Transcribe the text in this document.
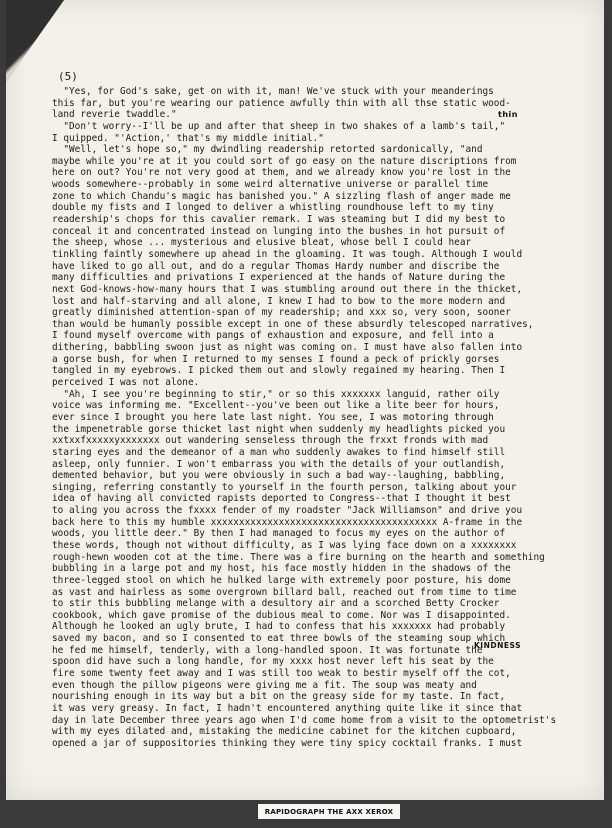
(5)
"Yes, for God's sake, get on with it, man! We've stuck with your meanderings
this far, but you're wearing our patience awfully thin with all thse static wood-
land reverie twaddle."
"Don't worry--I'll be up and after that sheep in two shakes of a lamb's tail,"
I quipped. "'Action,' that's my middle initial."
"Well, let's hope so," my dwindling readership retorted sardonically, "and
maybe while you're at it you could sort of go easy on the nature discriptions from
here on out? You're not very good at them, and we already know you're lost in the
woods somewhere--probably in some weird alternative universe or parallel time
zone to which Chandu's magic has banished you." A sizzling flash of anger made me
double my fists and I longed to deliver a whistling roundhouse left to my tiny
readership's chops for this cavalier remark. I was steaming but I did my best to
conceal it and concentrated instead on lunging into the bushes in hot pursuit of
the sheep, whose ... mysterious and elusive bleat, whose bell I could hear
tinkling faintly somewhere up ahead in the gloaming. It was tough. Although I would
have liked to go all out, and do a regular Thomas Hardy number and discribe the
many difficulties and privations I experienced at the hands of Nature during the
next God-knows-how-many hours that I was stumbling around out there in the thicket,
lost and half-starving and all alone, I knew I had to bow to the more modern and
greatly diminished attention-span of my readership; and xxx so, very soon, sooner
than would be humanly possible except in one of these absurdly telescoped narratives,
I found myself overcome with pangs of exhaustion and exposure, and fell into a
dithering, babbling swoon just as night was coming on. I must have also fallen into
a gorse bush, for when I returned to my senses I found a peck of prickly gorses
tangled in my eyebrows. I picked them out and slowly regained my hearing. Then I
perceived I was not alone.
"Ah, I see you're beginning to stir," or so this xxxxxxx languid, rather oily
voice was informing me. "Excellent--you've been out like a lite beer for hours,
ever since I brought you here late last night. You see, I was motoring through
the impenetrable gorse thicket last night when suddenly my headlights picked you
xxtxxfxxxxxyxxxxxxx out wandering senseless through the frxxt fronds with mad
staring eyes and the demeanor of a man who suddenly awakes to find himself still
asleep, only funnier. I won't embarrass you with the details of your outlandish,
demented behavior, but you were obviously in such a bad way--laughing, babbling,
singing, referring constantly to yourself in the fourth person, talking about your
idea of having all convicted rapists deported to Congress--that I thought it best
to aling you across the fxxxx fender of my roadster "Jack Williamson" and drive you
back here to this my humble xxxxxxxxxxxxxxxxxxxxxxxxxxxxxxxxxxxxxxxx A-frame in the
woods, you little deer." By then I had managed to focus my eyes on the author of
these words, though not without difficulty, as I was lying face down on a xxxxxxxx
rough-hewn wooden cot at the time. There was a fire burning on the hearth and something
bubbling in a large pot and my host, his face mostly hidden in the shadows of the
three-legged stool on which he hulked large with extremely poor posture, his dome
as vast and hairless as some overgrown billard ball, reached out from time to time
to stir this bubbling melange with a desultory air and a scorched Betty Crocker
cookbook, which gave promise of the dubious meal to come. Nor was I disappointed.
Although he looked an ugly brute, I had to confess that his xxxxxxx had probably
saved my bacon, and so I consented to eat three bowls of the steaming soup which
he fed me himself, tenderly, with a long-handled spoon. It was fortunate the
spoon did have such a long handle, for my xxxx host never left his seat by the
fire some twenty feet away and I was still too weak to bestir myself off the cot,
even though the pillow pigeons were giving me a fit. The soup was meaty and
nourishing enough in its way but a bit on the greasy side for my taste. In fact,
it was very greasy. In fact, I hadn't encountered anything quite like it since that
day in late December three years ago when I'd come home from a visit to the optometrist's
with my eyes dilated and, mistaking the medicine cabinet for the kitchen cupboard,
opened a jar of suppositories thinking they were tiny spicy cocktail franks. I must
thin
KINDNESS
RAPIDOGRAPH THE AXX XEROX
